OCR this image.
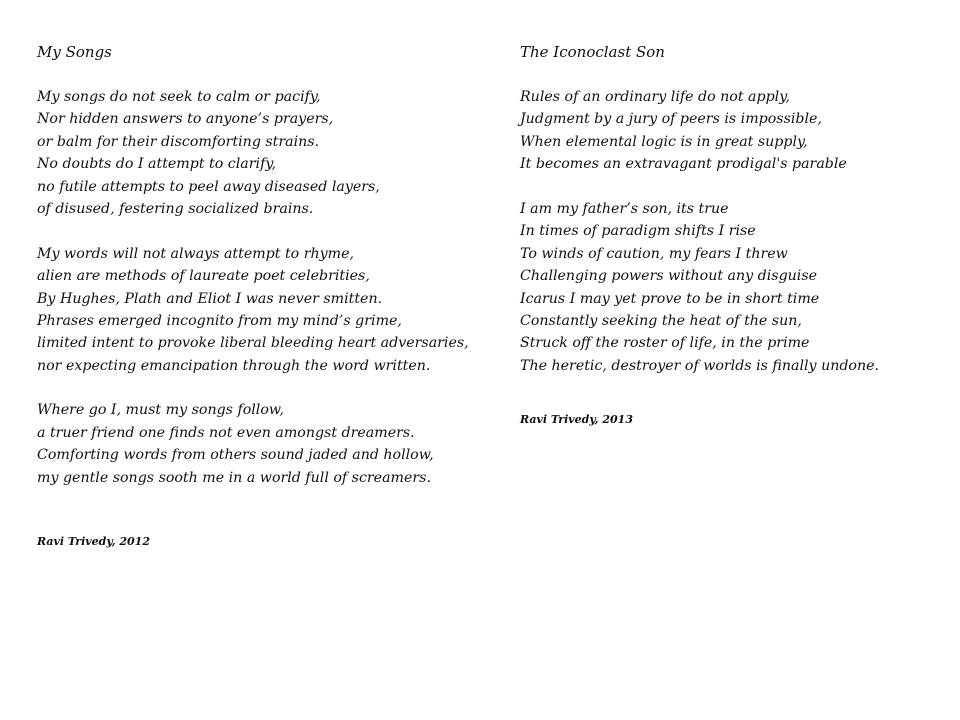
My Songs
My songs do not seek to calm or pacify,
Nor hidden answers to anyone’s prayers,
or balm for their discomforting strains.
No doubts do I attempt to clarify,
no futile attempts to peel away diseased layers,
of disused, festering socialized brains.
My words will not always attempt to rhyme,
alien are methods of laureate poet celebrities,
By Hughes, Plath and Eliot I was never smitten.
Phrases emerged incognito from my mind’s grime,
limited intent to provoke liberal bleeding heart adversaries,
nor expecting emancipation through the word written.
Where go I, must my songs follow,
a truer friend one finds not even amongst dreamers.
Comforting words from others sound jaded and hollow,
my gentle songs sooth me in a world full of screamers.
Ravi Trivedy, 2012
The Iconoclast Son
Rules of an ordinary life do not apply,
Judgment by a jury of peers is impossible,
When elemental logic is in great supply,
It becomes an extravagant prodigal's parable
I am my father’s son, its true
In times of paradigm shifts I rise
To winds of caution, my fears I threw
Challenging powers without any disguise
Icarus I may yet prove to be in short time
Constantly seeking the heat of the sun,
Struck off the roster of life, in the prime
The heretic, destroyer of worlds is finally undone.
Ravi Trivedy, 2013
